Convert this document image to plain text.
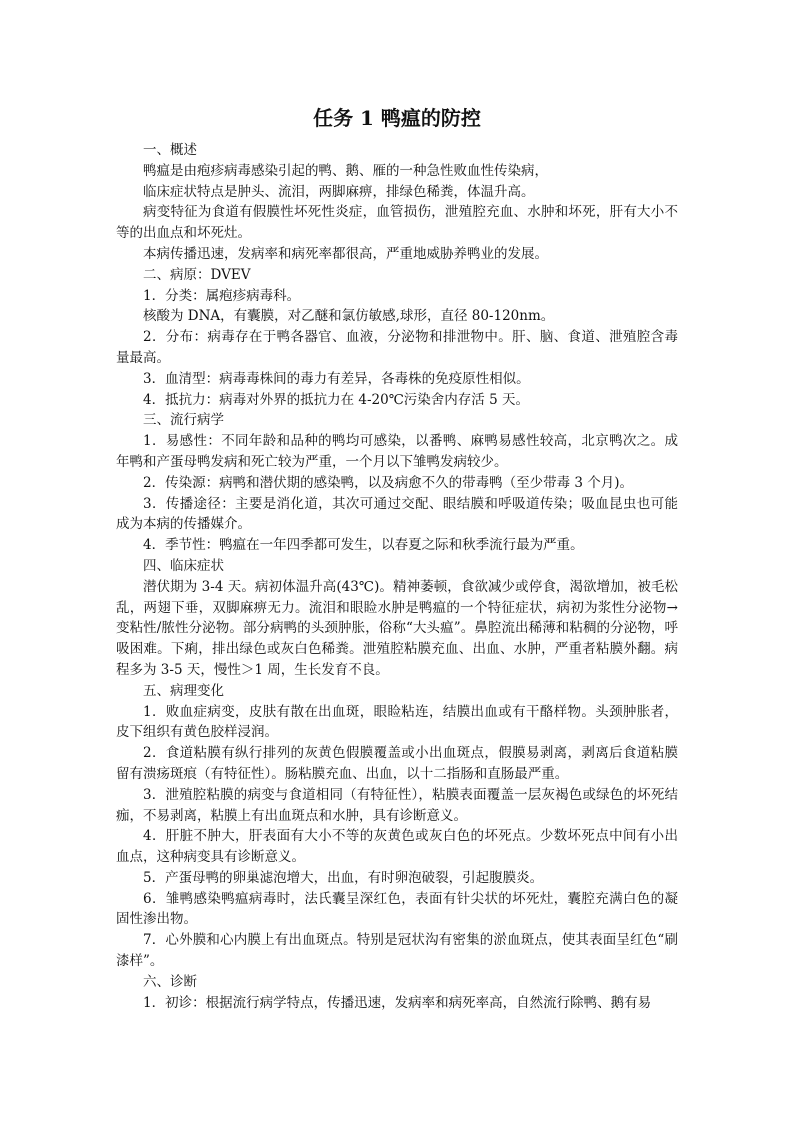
任务 1 鸭瘟的防控

一、概述

鸭瘟是由疱疹病毒感染引起的鸭、鹅、雁的一种急性败血性传染病，

临床症状特点是肿头、流泪，两脚麻痹，排绿色稀粪，体温升高。

病变特征为食道有假膜性坏死性炎症，血管损伤，泄殖腔充血、水肿和坏死，肝有大小不等的出血点和坏死灶。

本病传播迅速，发病率和病死率都很高，严重地威胁养鸭业的发展。

二、病原：DVEV

1．分类：属疱疹病毒科。

核酸为 DNA，有囊膜，对乙醚和氯仿敏感,球形，直径 80-120nm。

2．分布：病毒存在于鸭各器官、血液，分泌物和排泄物中。肝、脑、食道、泄殖腔含毒量最高。

3．血清型：病毒毒株间的毒力有差异，各毒株的免疫原性相似。

4．抵抗力：病毒对外界的抵抗力在 4-20℃污染舍内存活 5 天。

三、流行病学

1．易感性：不同年龄和品种的鸭均可感染，以番鸭、麻鸭易感性较高，北京鸭次之。成年鸭和产蛋母鸭发病和死亡较为严重，一个月以下雏鸭发病较少。

2．传染源：病鸭和潜伏期的感染鸭，以及病愈不久的带毒鸭（至少带毒 3 个月)。

3．传播途径：主要是消化道，其次可通过交配、眼结膜和呼吸道传染；吸血昆虫也可能成为本病的传播媒介。

4．季节性：鸭瘟在一年四季都可发生，以春夏之际和秋季流行最为严重。

四、临床症状

潜伏期为 3-4 天。病初体温升高(43℃)。精神萎顿，食欲减少或停食，渴欲增加，被毛松乱，两翅下垂，双脚麻痹无力。流泪和眼睑水肿是鸭瘟的一个特征症状，病初为浆性分泌物→变粘性/脓性分泌物。部分病鸭的头颈肿胀，俗称“大头瘟”。鼻腔流出稀薄和粘稠的分泌物，呼吸困难。下痢，排出绿色或灰白色稀粪。泄殖腔粘膜充血、出血、水肿，严重者粘膜外翻。病程多为 3-5 天，慢性＞1 周，生长发育不良。

五、病理变化

1．败血症病变，皮肤有散在出血斑，眼睑粘连，结膜出血或有干酪样物。头颈肿胀者，皮下组织有黄色胶样浸润。

2．食道粘膜有纵行排列的灰黄色假膜覆盖或小出血斑点，假膜易剥离，剥离后食道粘膜留有溃疡斑痕（有特征性）。肠粘膜充血、出血，以十二指肠和直肠最严重。

3．泄殖腔粘膜的病变与食道相同（有特征性），粘膜表面覆盖一层灰褐色或绿色的坏死结痂，不易剥离，粘膜上有出血斑点和水肿，具有诊断意义。

4．肝脏不肿大，肝表面有大小不等的灰黄色或灰白色的坏死点。少数坏死点中间有小出血点，这种病变具有诊断意义。

5．产蛋母鸭的卵巢滤泡增大，出血，有时卵泡破裂，引起腹膜炎。

6．雏鸭感染鸭瘟病毒时，法氏囊呈深红色，表面有针尖状的坏死灶，囊腔充满白色的凝固性渗出物。

7．心外膜和心内膜上有出血斑点。特别是冠状沟有密集的淤血斑点，使其表面呈红色“刷漆样”。

六、诊断

1．初诊：根据流行病学特点，传播迅速，发病率和病死率高，自然流行除鸭、鹅有易
